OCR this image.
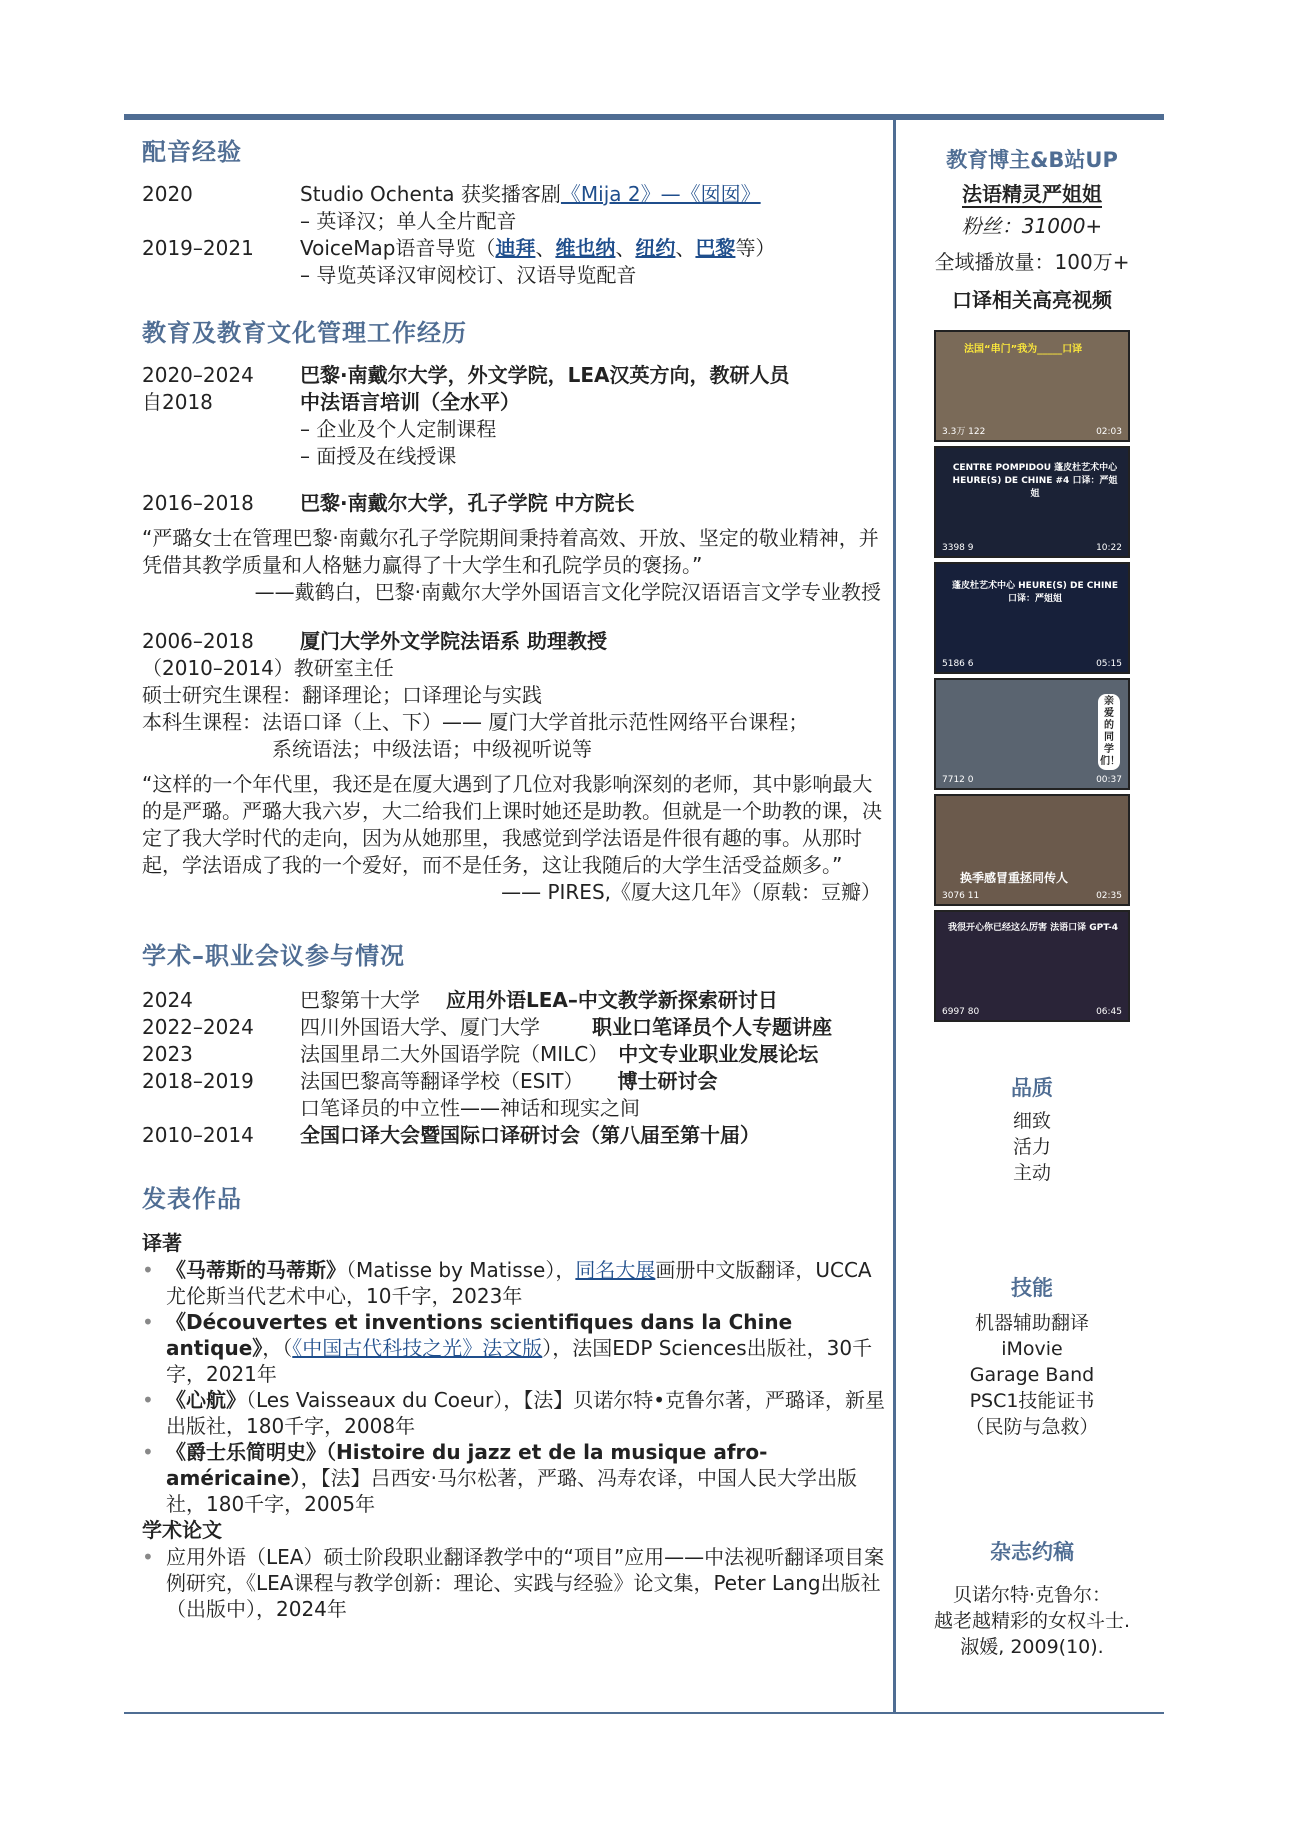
配音经验
2020	Studio Ochenta 获奖播客剧《Mija 2》—《囡囡》
– 英译汉；单人全片配音
2019–2021	VoiceMap语音导览（迪拜、维也纳、纽约、巴黎等）
– 导览英译汉审阅校订、汉语导览配音
教育及教育文化管理工作经历
2020–2024	巴黎·南戴尔大学，外文学院，LEA汉英方向，教研人员
自2018	中法语言培训（全水平）
– 企业及个人定制课程
– 面授及在线授课
2016–2018	巴黎·南戴尔大学，孔子学院 中方院长
“严璐女士在管理巴黎·南戴尔孔子学院期间秉持着高效、开放、坚定的敬业精神，并凭借其教学质量和人格魅力赢得了十大学生和孔院学员的褒扬。”
——戴鹤白，巴黎·南戴尔大学外国语言文化学院汉语语言文学专业教授
2006–2018	厦门大学外文学院法语系 助理教授
（2010–2014）教研室主任
硕士研究生课程：翻译理论；口译理论与实践
本科生课程：法语口译（上、下）—— 厦门大学首批示范性网络平台课程；
系统语法；中级法语；中级视听说等
“这样的一个年代里，我还是在厦大遇到了几位对我影响深刻的老师，其中影响最大的是严璐。严璐大我六岁，大二给我们上课时她还是助教。但就是一个助教的课，决定了我大学时代的走向，因为从她那里，我感觉到学法语是件很有趣的事。从那时起，学法语成了我的一个爱好，而不是任务，这让我随后的大学生活受益颇多。”
—— PIRES,《厦大这几年》（原载：豆瓣）
学术–职业会议参与情况
2024	巴黎第十大学 应用外语LEA–中文教学新探索研讨日
2022–2024	四川外国语大学、厦门大学	职业口笔译员个人专题讲座
2023	法国里昂二大外国语学院（MILC） 中文专业职业发展论坛
2018–2019	法国巴黎高等翻译学校（ESIT） 博士研讨会
口笔译员的中立性——神话和现实之间
2010–2014	全国口译大会暨国际口译研讨会（第八届至第十届）
发表作品
译著
• 《马蒂斯的马蒂斯》（Matisse by Matisse），同名大展画册中文版翻译，UCCA尤伦斯当代艺术中心，10千字，2023年
• 《Découvertes et inventions scientifiques dans la Chine antique》，（《中国古代科技之光》法文版），法国EDP Sciences出版社，30千字，2021年
• 《心航》（Les Vaisseaux du Coeur），【法】贝诺尔特•克鲁尔著，严璐译，新星出版社，180千字，2008年
• 《爵士乐简明史》（Histoire du jazz et de la musique afro-américaine），【法】吕西安·马尔松著，严璐、冯寿农译，中国人民大学出版社，180千字，2005年
学术论文
• 应用外语（LEA）硕士阶段职业翻译教学中的“项目”应用——中法视听翻译项目案例研究，《LEA课程与教学创新：理论、实践与经验》论文集，Peter Lang出版社（出版中），2024年
教育博主&B站UP
法语精灵严姐姐
粉丝：31000+
全域播放量：100万+
口译相关高亮视频
法国“串门”我为_____口译
3.3万 122	02:03
CENTRE POMPIDOU 蓬皮杜艺术中心 HEURE(S) DE CHINE #4 口译：严姐姐
3398 9	10:22
蓬皮杜艺术中心 HEURE(S) DE CHINE 口译：严姐姐
5186 6	05:15
亲爱的同学们！
7712 0	00:37
换季感冒重拯同传人
3076 11	02:35
我很开心你已经这么厉害 法语口译 GPT-4
6997 80	06:45
品质
细致
活力
主动
技能
机器辅助翻译
iMovie
Garage Band
PSC1技能证书
（民防与急救）
杂志约稿
贝诺尔特·克鲁尔：
越老越精彩的女权斗士.
淑媛, 2009(10).
